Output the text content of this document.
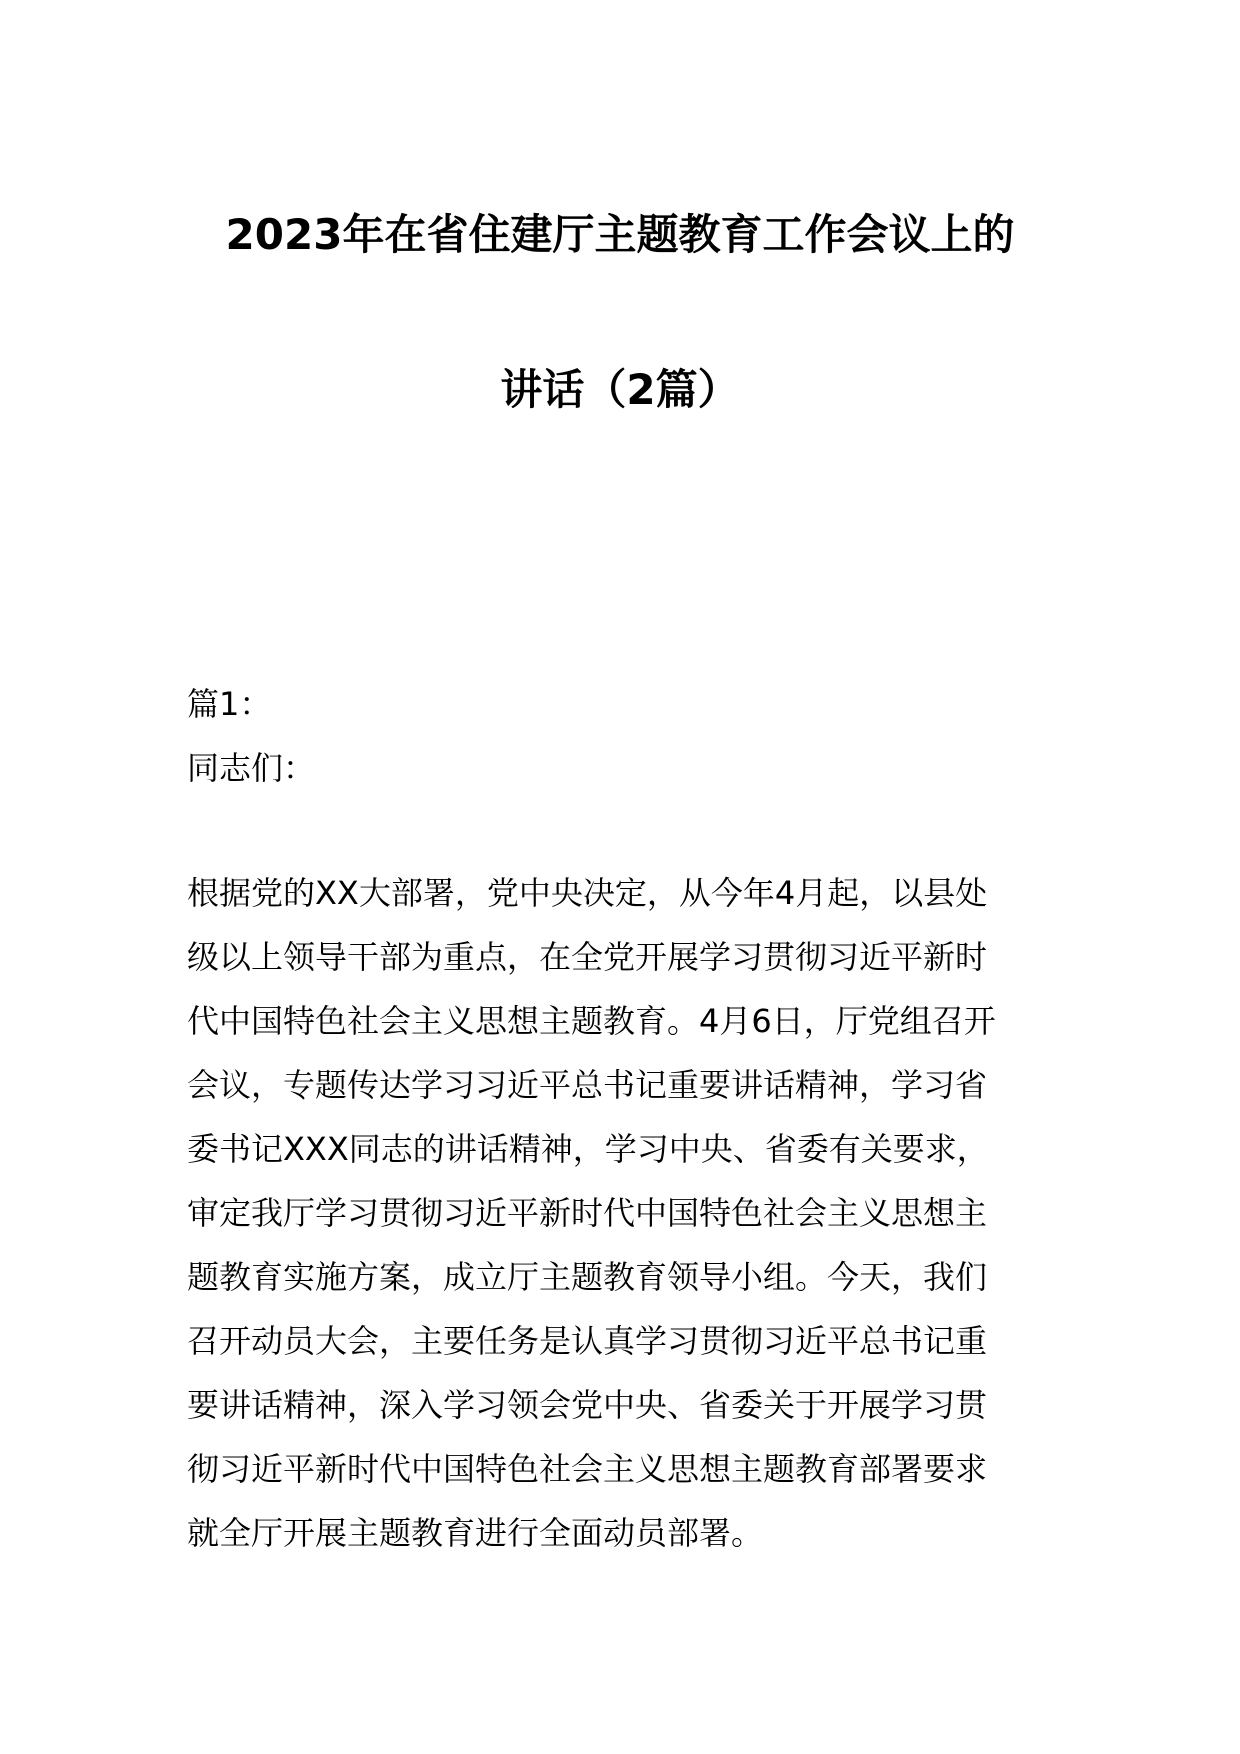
2023年在省住建厅主题教育工作会议上的
讲话（2篇）
篇1：
同志们：
根据党的XX大部署，党中央决定，从今年4月起，以县处
级以上领导干部为重点，在全党开展学习贯彻习近平新时
代中国特色社会主义思想主题教育。4月6日，厅党组召开
会议，专题传达学习习近平总书记重要讲话精神，学习省
委书记XXX同志的讲话精神，学习中央、省委有关要求，
审定我厅学习贯彻习近平新时代中国特色社会主义思想主
题教育实施方案，成立厅主题教育领导小组。今天，我们
召开动员大会，主要任务是认真学习贯彻习近平总书记重
要讲话精神，深入学习领会党中央、省委关于开展学习贯
彻习近平新时代中国特色社会主义思想主题教育部署要求
就全厅开展主题教育进行全面动员部署。
